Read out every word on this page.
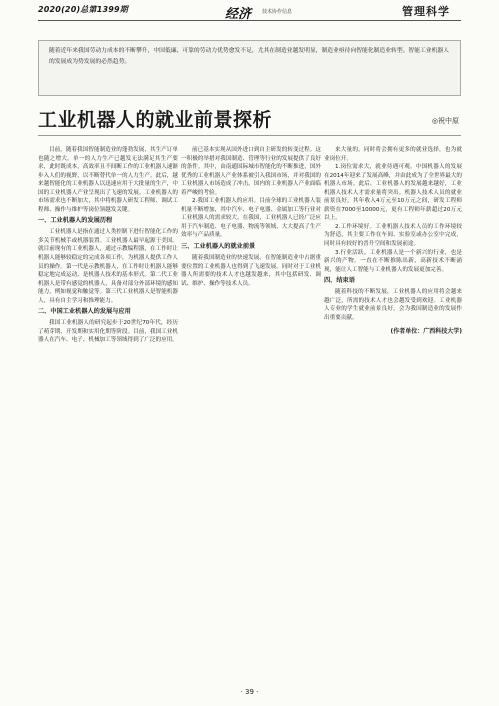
2020(20)总第1399期	经济 技术协作信息	管理科学
随着近年来我国劳动力成本的不断攀升，中国低廉、可靠的劳动力优势愈发不足，尤其在制造业越发明显，制造业亟待向智能化制造业转型。智能工业机器人的发展成为势发展的必然趋势。
工业机器人的就业前景探析	◎祝中原

目前，随着我国智能制造业的蓬勃发展，其生产订单也随之增大。单一的人力生产已越发无法满足其生产要求，此时既成本，高效率且不间断工作的工业机器人速渐步入人们的视野，以不断替代单一的人力生产。此后，越来越智能化的工业机器人以迅速应用于大批量的生产，中国的工业机器人产业呈现出了飞速的发展。工业机器人的市场需求也不断加大，其中将机器人研发工程师、调试工程师、操作与维护等岗位领越发关键。

一、工业机器人的发展历程

工业机器人是指在通过人类控制下进行智能化工作的多关节机械手或机器装置。工业机器人最早起源于美国。就目前现有的工业机器人，通过示教编程器，在工作时让机器人能够较稳定的完成各项工作，为机器人提供工作人员的操作。第一代是示教机器人，在工作时让机器人能够稳定地完成运动，是机器人技术的基本形式。第二代工业机器人是带有感觉的机器人，具备对部分外部环境的感知能力，例如视觉和触觉等。第三代工业机器人是智能机器人，具有自主学习和推理能力。

二、中国工业机器人的发展与应用

我国工业机器人的研究起步于20世纪70年代，经历了萌芽期、开发期和实用化期等阶段。目前，我国工业机器人在汽车、电子、机械加工等领域得到了广泛的应用。

前已基本实现从国外进口到自主研发的转变过程。这一积极的举措对我国制造、管理等行业的发展提供了良好的条件。其中，由南通国际城市智能化的不断推进，国外优秀的工业机器人产业体系被引入我国市场，并对我国的工业机器人市场造成了冲击。国内的工业机器人产业面临着严峻的考验。

2.我国工业机器人的应用。目前全球的工业机器人装机量不断增加，其中汽车、电子电器、金属加工等行业对工业机器人的需求较大。在我国，工业机器人已经广泛应用于汽车制造、电子电器、物流等领域，大大提高了生产效率与产品质量。

三、工业机器人的就业前景

随着我国制造业的快速发展，在智能制造业中占据重要位置的工业机器人也得到了飞速发展。同时对于工业机器人所需要的技术人才也越发越来，其中包括研发、调试、维护、操作等技术人员。

来大量的，同时将会拥有更多的就业选择，也为就业岗位开。

1.岗位需求大，就业待遇可观。中国机器人的发展在2014年迎来了发展高峰，并由此成为了全世界最大的机器人市场。此后，工业机器人的发展越来越好，工业机器人技术人才需求量将突出。机器人技术人员的就业前景良好，其年收入4万元至10万元之间，研发工程师薪资在7000至10000元，更有工程师年薪超过20万元以上。

2.工作环境好。工业机器人技术人员的工作环境较为舒适，其主要工作在车间、实验室或办公室中完成，同时具有较好的晋升空间和发展前途。

3.行业活跃。工业机器人是一个新兴的行业，也是新兴的产物，一直在不断推陈出新，高新技术不断涌现，能让人工智能与工业机器人的发展更加完善。

四、结束语

随着科技的不断发展，工业机器人的应用将会越来越广泛，所需的技术人才也会越发受到欢迎。工业机器人专业的学生就业前景良好，会为我国制造业的发展作出重要贡献。

(作者单位：广西科技大学)
· 39 ·
